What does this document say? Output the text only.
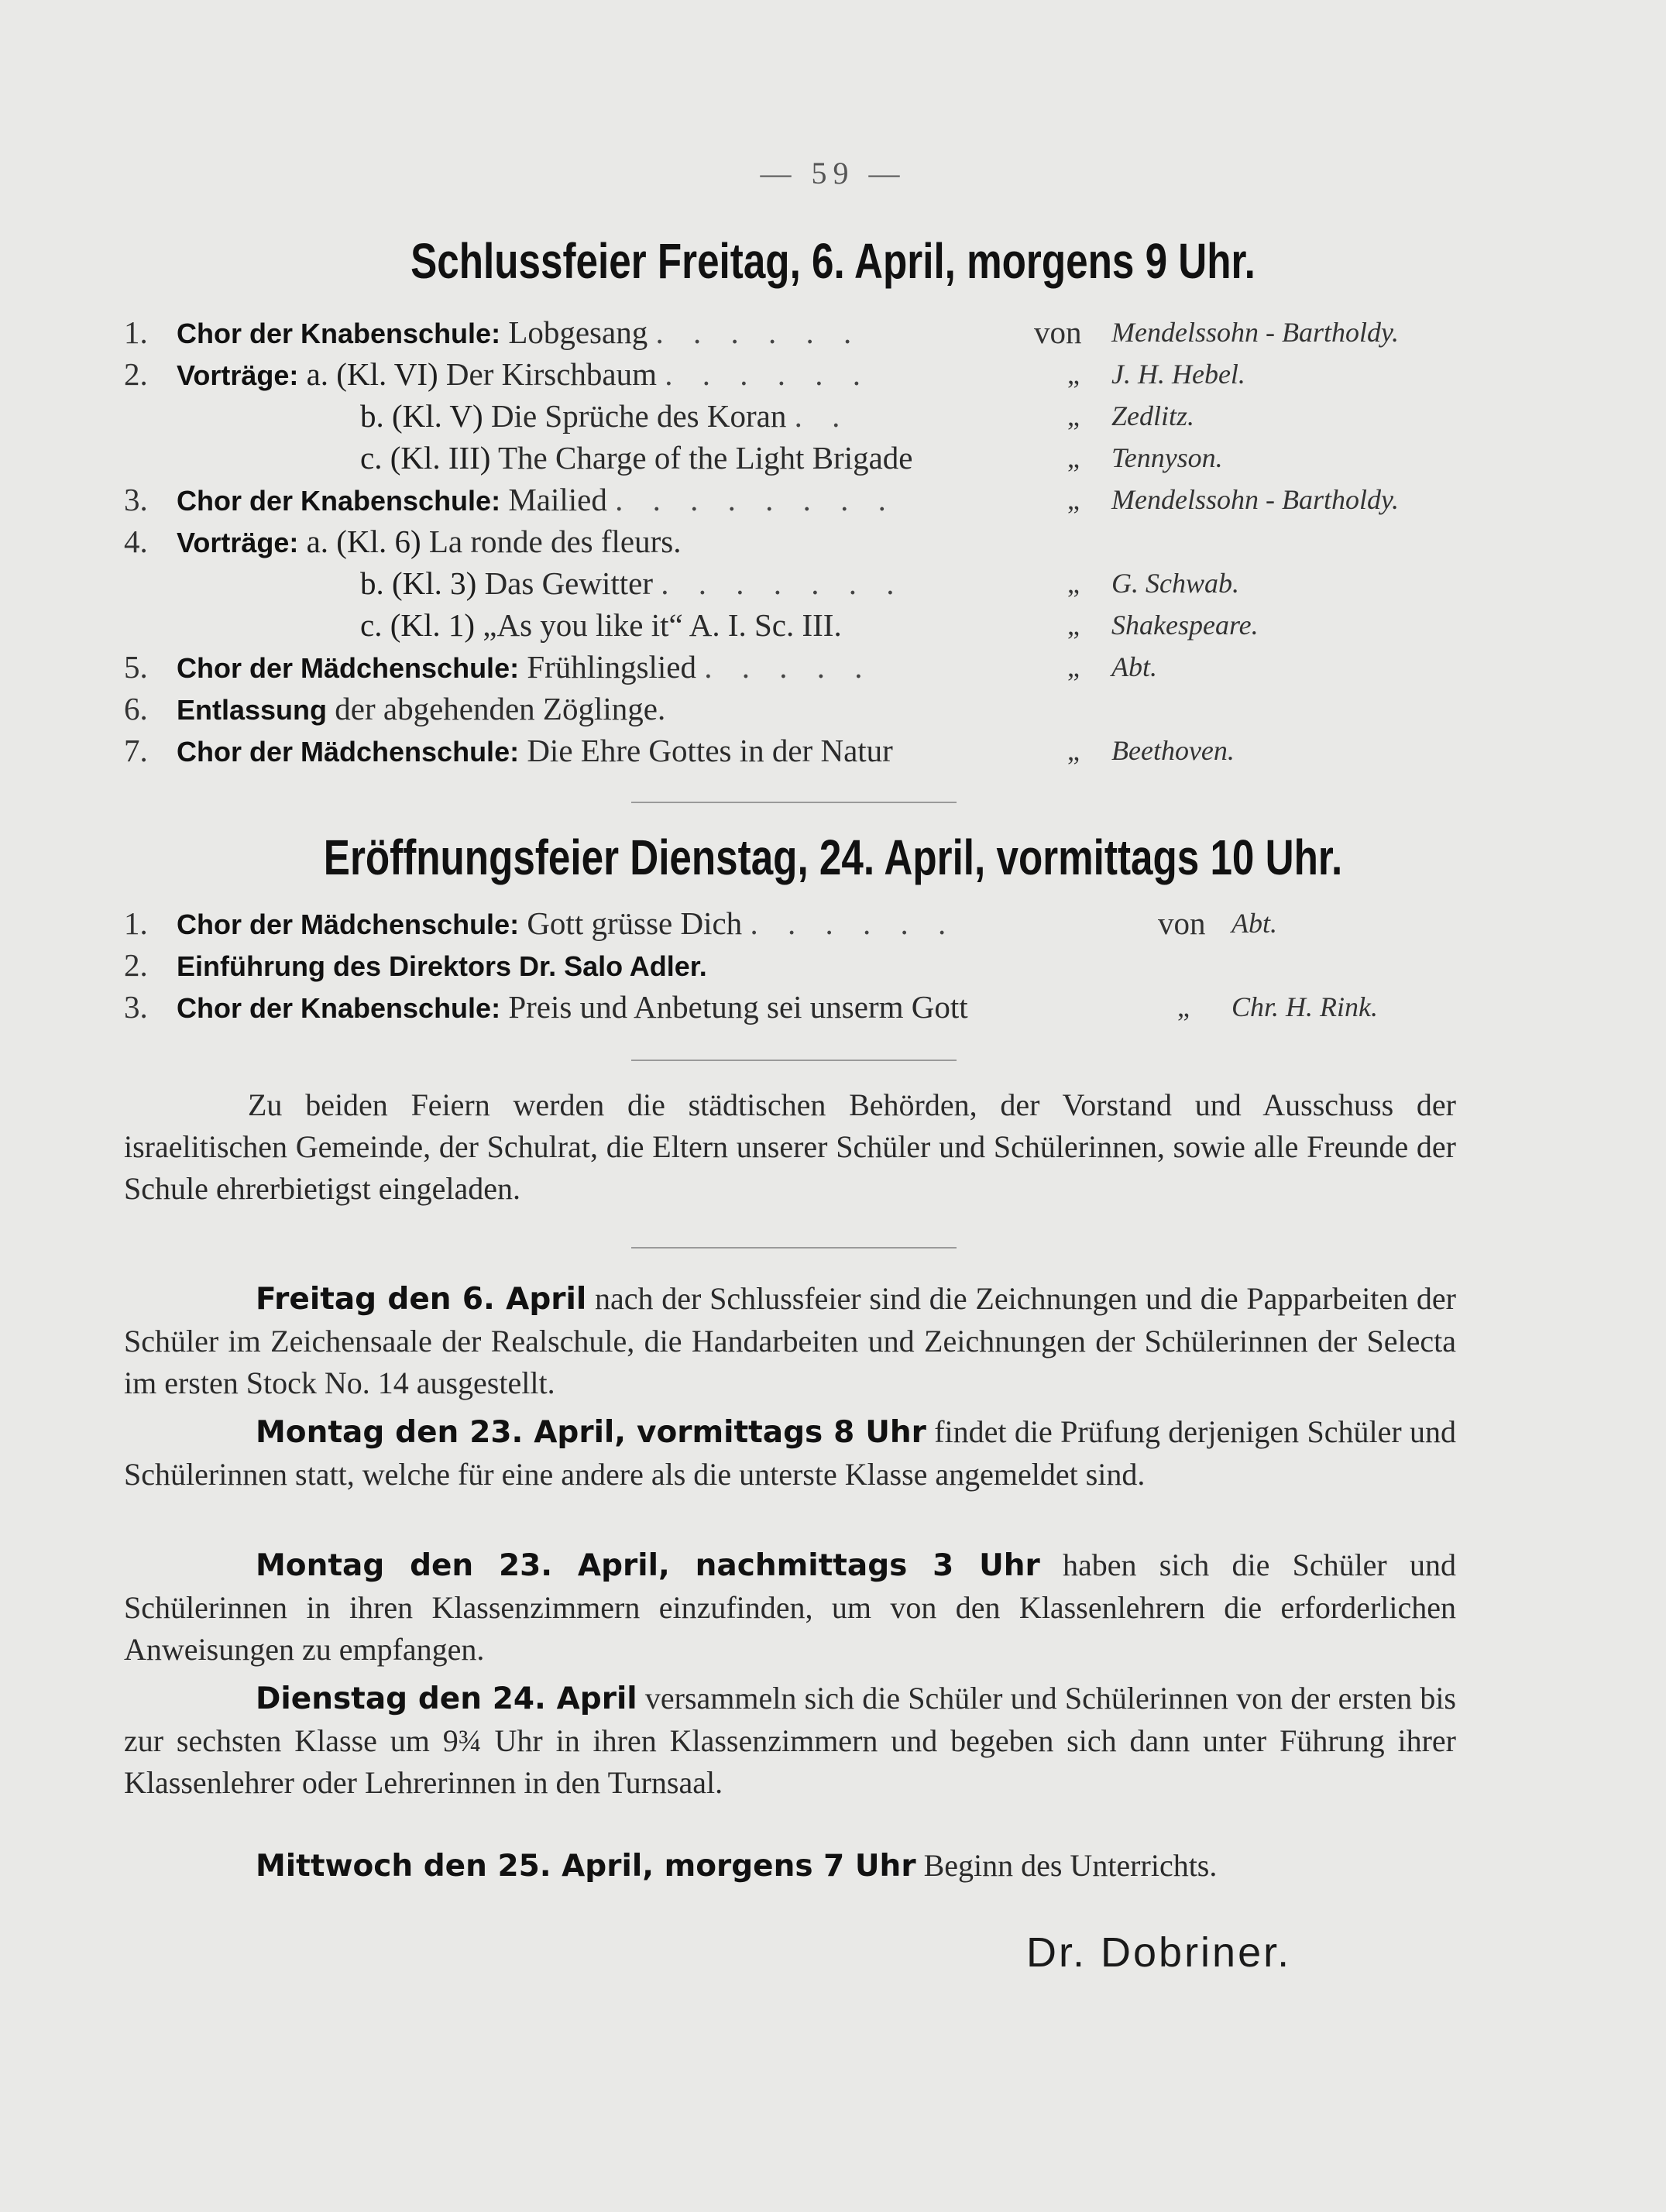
— 59 —
Schlussfeier Freitag, 6. April, morgens 9 Uhr.
1. Chor der Knabenschule: Lobgesang . . . . . .	von Mendelssohn - Bartholdy.
2. Vorträge: a. (Kl. VI) Der Kirschbaum . . . . . .	„ J. H. Hebel.
b. (Kl. V) Die Sprüche des Koran . .	„ Zedlitz.
c. (Kl. III) The Charge of the Light Brigade	„ Tennyson.
3. Chor der Knabenschule: Mailied . . . . . . . .	„ Mendelssohn - Bartholdy.
4. Vorträge: a. (Kl. 6) La ronde des fleurs.
b. (Kl. 3) Das Gewitter . . . . . . .	„ G. Schwab.
c. (Kl. 1) „As you like it“ A. I. Sc. III.	„ Shakespeare.
5. Chor der Mädchenschule: Frühlingslied . . . . .	„ Abt.
6. Entlassung der abgehenden Zöglinge.
7. Chor der Mädchenschule: Die Ehre Gottes in der Natur	„ Beethoven.
Eröffnungsfeier Dienstag, 24. April, vormittags 10 Uhr.
1. Chor der Mädchenschule: Gott grüsse Dich . . . . . .	von Abt.
2. Einführung des Direktors Dr. Salo Adler.
3. Chor der Knabenschule: Preis und Anbetung sei unserm Gott	„ Chr. H. Rink.

Zu beiden Feiern werden die städtischen Behörden, der Vorstand und Ausschuss der israelitischen Gemeinde, der Schulrat, die Eltern unserer Schüler und Schülerinnen, sowie alle Freunde der Schule ehrerbietigst eingeladen.

Freitag den 6. April nach der Schlussfeier sind die Zeichnungen und die Papparbeiten der Schüler im Zeichensaale der Realschule, die Handarbeiten und Zeichnungen der Schülerinnen der Selecta im ersten Stock No. 14 ausgestellt.

Montag den 23. April, vormittags 8 Uhr findet die Prüfung derjenigen Schüler und Schülerinnen statt, welche für eine andere als die unterste Klasse angemeldet sind.

Montag den 23. April, nachmittags 3 Uhr haben sich die Schüler und Schülerinnen in ihren Klassenzimmern einzufinden, um von den Klassenlehrern die erforderlichen Anweisungen zu empfangen.

Dienstag den 24. April versammeln sich die Schüler und Schülerinnen von der ersten bis zur sechsten Klasse um 9¾ Uhr in ihren Klassenzimmern und begeben sich dann unter Führung ihrer Klassenlehrer oder Lehrerinnen in den Turnsaal.

Mittwoch den 25. April, morgens 7 Uhr Beginn des Unterrichts.

Dr. Dobriner.
